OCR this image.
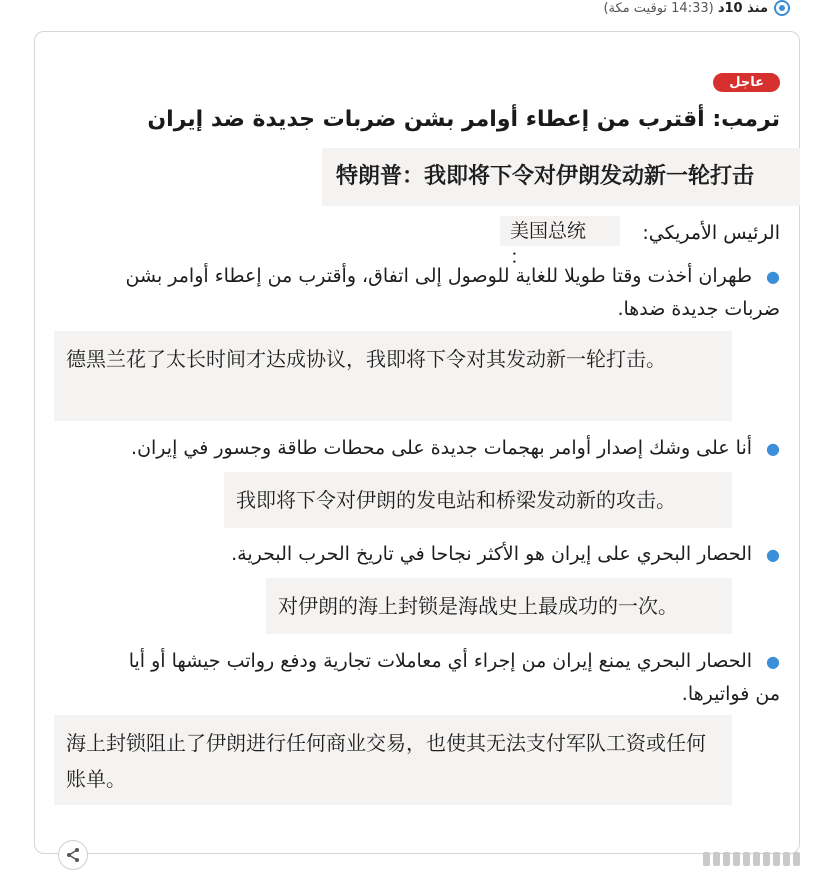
منذ 10د (14:33 توقيت مكة)
عاجل
ترمب: أقترب من إعطاء أوامر بشن ضربات جديدة ضد إيران
特朗普：我即将下令对伊朗发动新一轮打击
الرئيس الأمريكي:
美国总统 ：

●طهران أخذت وقتا طويلا للغاية للوصول إلى اتفاق، وأقترب من إعطاء أوامر بشن ضربات جديدة ضدها.

德黑兰花了太长时间才达成协议，我即将下令对其发动新一轮打击。

●أنا على وشك إصدار أوامر بهجمات جديدة على محطات طاقة وجسور في إيران.

我即将下令对伊朗的发电站和桥梁发动新的攻击。

●الحصار البحري على إيران هو الأكثر نجاحا في تاريخ الحرب البحرية.

对伊朗的海上封锁是海战史上最成功的一次。

●الحصار البحري يمنع إيران من إجراء أي معاملات تجارية ودفع رواتب جيشها أو أيا من فواتيرها.

海上封锁阻止了伊朗进行任何商业交易，也使其无法支付军队工资或任何账单。
